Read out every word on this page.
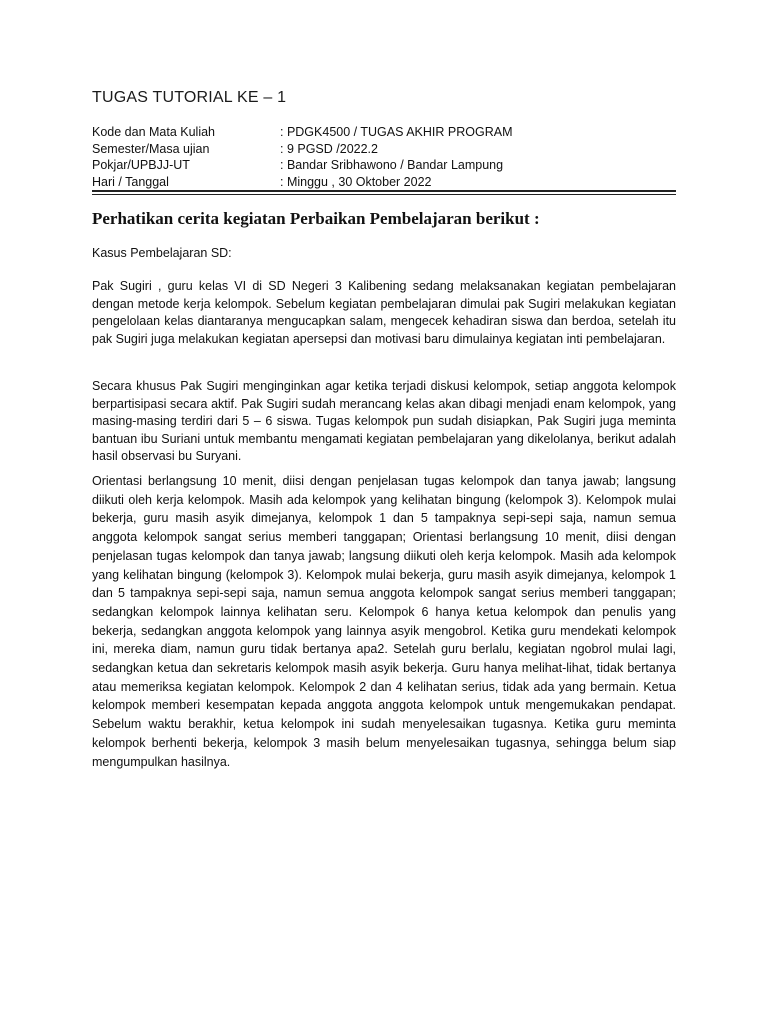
TUGAS TUTORIAL KE – 1
Kode dan Mata Kuliah	: PDGK4500 / TUGAS AKHIR PROGRAM
Semester/Masa ujian	: 9 PGSD /2022.2
Pokjar/UPBJJ-UT	: Bandar Sribhawono / Bandar Lampung
Hari / Tanggal	: Minggu , 30 Oktober 2022
Perhatikan cerita kegiatan Perbaikan Pembelajaran berikut :
Kasus Pembelajaran SD:

Pak Sugiri , guru kelas VI di SD Negeri 3 Kalibening sedang melaksanakan kegiatan pembelajaran dengan metode kerja kelompok. Sebelum kegiatan pembelajaran dimulai pak Sugiri melakukan kegiatan pengelolaan kelas diantaranya mengucapkan salam, mengecek kehadiran siswa dan berdoa, setelah itu pak Sugiri juga melakukan kegiatan apersepsi dan motivasi baru dimulainya kegiatan inti pembelajaran.

Secara khusus Pak Sugiri menginginkan agar ketika terjadi diskusi kelompok, setiap anggota kelompok berpartisipasi secara aktif. Pak Sugiri sudah merancang kelas akan dibagi menjadi enam kelompok, yang masing-masing terdiri dari 5 – 6 siswa. Tugas kelompok pun sudah disiapkan, Pak Sugiri juga meminta bantuan ibu Suriani untuk membantu mengamati kegiatan pembelajaran yang dikelolanya, berikut adalah hasil observasi bu Suryani.

Orientasi berlangsung 10 menit, diisi dengan penjelasan tugas kelompok dan tanya jawab; langsung diikuti oleh kerja kelompok. Masih ada kelompok yang kelihatan bingung (kelompok 3). Kelompok mulai bekerja, guru masih asyik dimejanya, kelompok 1 dan 5 tampaknya sepi-sepi saja, namun semua anggota kelompok sangat serius memberi tanggapan; Orientasi berlangsung 10 menit, diisi dengan penjelasan tugas kelompok dan tanya jawab; langsung diikuti oleh kerja kelompok. Masih ada kelompok yang kelihatan bingung (kelompok 3). Kelompok mulai bekerja, guru masih asyik dimejanya, kelompok 1 dan 5 tampaknya sepi-sepi saja, namun semua anggota kelompok sangat serius memberi tanggapan; sedangkan kelompok lainnya kelihatan seru. Kelompok 6 hanya ketua kelompok dan penulis yang bekerja, sedangkan anggota kelompok yang lainnya asyik mengobrol. Ketika guru mendekati kelompok ini, mereka diam, namun guru tidak bertanya apa2. Setelah guru berlalu, kegiatan ngobrol mulai lagi, sedangkan ketua dan sekretaris kelompok masih asyik bekerja. Guru hanya melihat-lihat, tidak bertanya atau memeriksa kegiatan kelompok. Kelompok 2 dan 4 kelihatan serius, tidak ada yang bermain. Ketua kelompok memberi kesempatan kepada anggota anggota kelompok untuk mengemukakan pendapat. Sebelum waktu berakhir, ketua kelompok ini sudah menyelesaikan tugasnya. Ketika guru meminta kelompok berhenti bekerja, kelompok 3 masih belum menyelesaikan tugasnya, sehingga belum siap mengumpulkan hasilnya.
